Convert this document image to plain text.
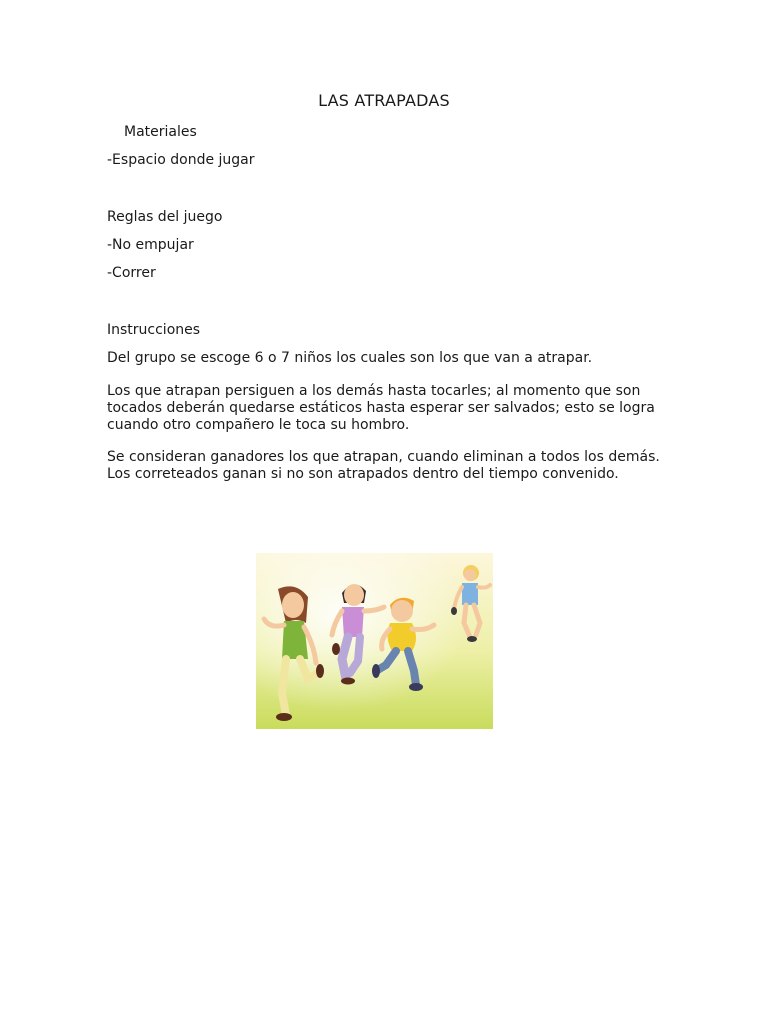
LAS ATRAPADAS
Materiales
-Espacio donde jugar
Reglas del juego
-No empujar
-Correr
Instrucciones
Del grupo se escoge 6 o 7 niños los cuales son los que van a atrapar.
Los que atrapan persiguen a los demás hasta tocarles; al momento que son
tocados deberán quedarse estáticos hasta esperar ser salvados; esto se logra
cuando otro compañero le toca su hombro.
Se consideran ganadores los que atrapan, cuando eliminan a todos los demás.
Los correteados ganan si no son atrapados dentro del tiempo convenido.
